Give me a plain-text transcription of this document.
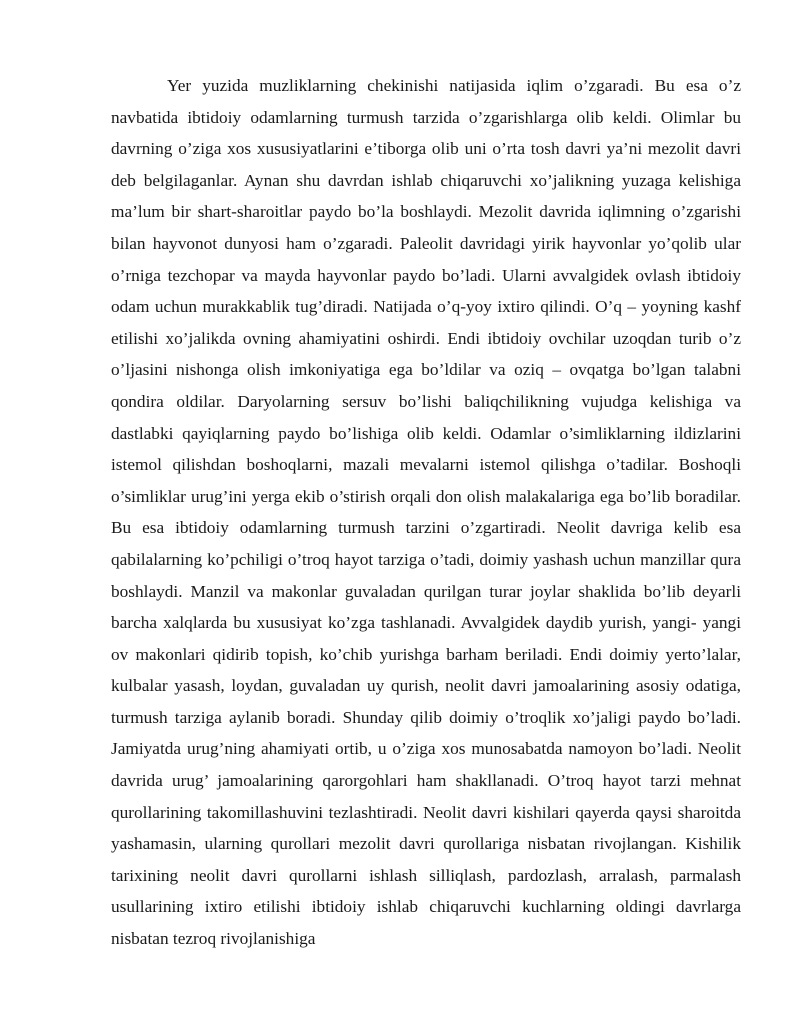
Yer yuzida muzliklarning chekinishi natijasida iqlim o’zgaradi. Bu esa o’z navbatida ibtidoiy odamlarning turmush tarzida o’zgarishlarga olib keldi. Olimlar bu davrning o’ziga xos xususiyatlarini e’tiborga olib uni o’rta tosh davri ya’ni mezolit davri deb belgilaganlar. Aynan shu davrdan ishlab chiqaruvchi xo’jalikning yuzaga kelishiga ma’lum bir shart-sharoitlar paydo bo’la boshlaydi. Mezolit davrida iqlimning o’zgarishi bilan hayvonot dunyosi ham o’zgaradi. Paleolit davridagi yirik hayvonlar yo’qolib ular o’rniga tezchopar va mayda hayvonlar paydo bo’ladi. Ularni avvalgidek ovlash ibtidoiy odam uchun murakkablik tug’diradi. Natijada o’q-yoy ixtiro qilindi. O’q – yoyning kashf etilishi xo’jalikda ovning ahamiyatini oshirdi. Endi ibtidoiy ovchilar uzoqdan turib o’z o’ljasini nishonga olish imkoniyatiga ega bo’ldilar va oziq – ovqatga bo’lgan talabni qondira oldilar. Daryolarning sersuv bo’lishi baliqchilikning vujudga kelishiga va dastlabki qayiqlarning paydo bo’lishiga olib keldi. Odamlar o’simliklarning ildizlarini istemol qilishdan boshoqlarni, mazali mevalarni istemol qilishga o’tadilar. Boshoqli o’simliklar urug’ini yerga ekib o’stirish orqali don olish malakalariga ega bo’lib boradilar. Bu esa ibtidoiy odamlarning turmush tarzini o’zgartiradi. Neolit davriga kelib esa qabilalarning ko’pchiligi o’troq hayot tarziga o’tadi, doimiy yashash uchun manzillar qura boshlaydi. Manzil va makonlar guvaladan qurilgan turar joylar shaklida bo’lib deyarli barcha xalqlarda bu xususiyat ko’zga tashlanadi. Avvalgidek daydib yurish, yangi- yangi ov makonlari qidirib topish, ko’chib yurishga barham beriladi. Endi doimiy yerto’lalar, kulbalar yasash, loydan, guvaladan uy qurish, neolit davri jamoalarining asosiy odatiga, turmush tarziga aylanib boradi. Shunday qilib doimiy o’troqlik xo’jaligi paydo bo’ladi. Jamiyatda urug’ning ahamiyati ortib, u o’ziga xos munosabatda namoyon bo’ladi. Neolit davrida urug’ jamoalarining qarorgohlari ham shakllanadi. O’troq hayot tarzi mehnat qurollarining takomillashuvini tezlashtiradi. Neolit davri kishilari qayerda qaysi sharoitda yashamasin, ularning qurollari mezolit davri qurollariga nisbatan rivojlangan. Kishilik tarixining neolit davri qurollarni ishlash silliqlash, pardozlash, arralash, parmalash usullarining ixtiro etilishi ibtidoiy ishlab chiqaruvchi kuchlarning oldingi davrlarga nisbatan tezroq rivojlanishiga
